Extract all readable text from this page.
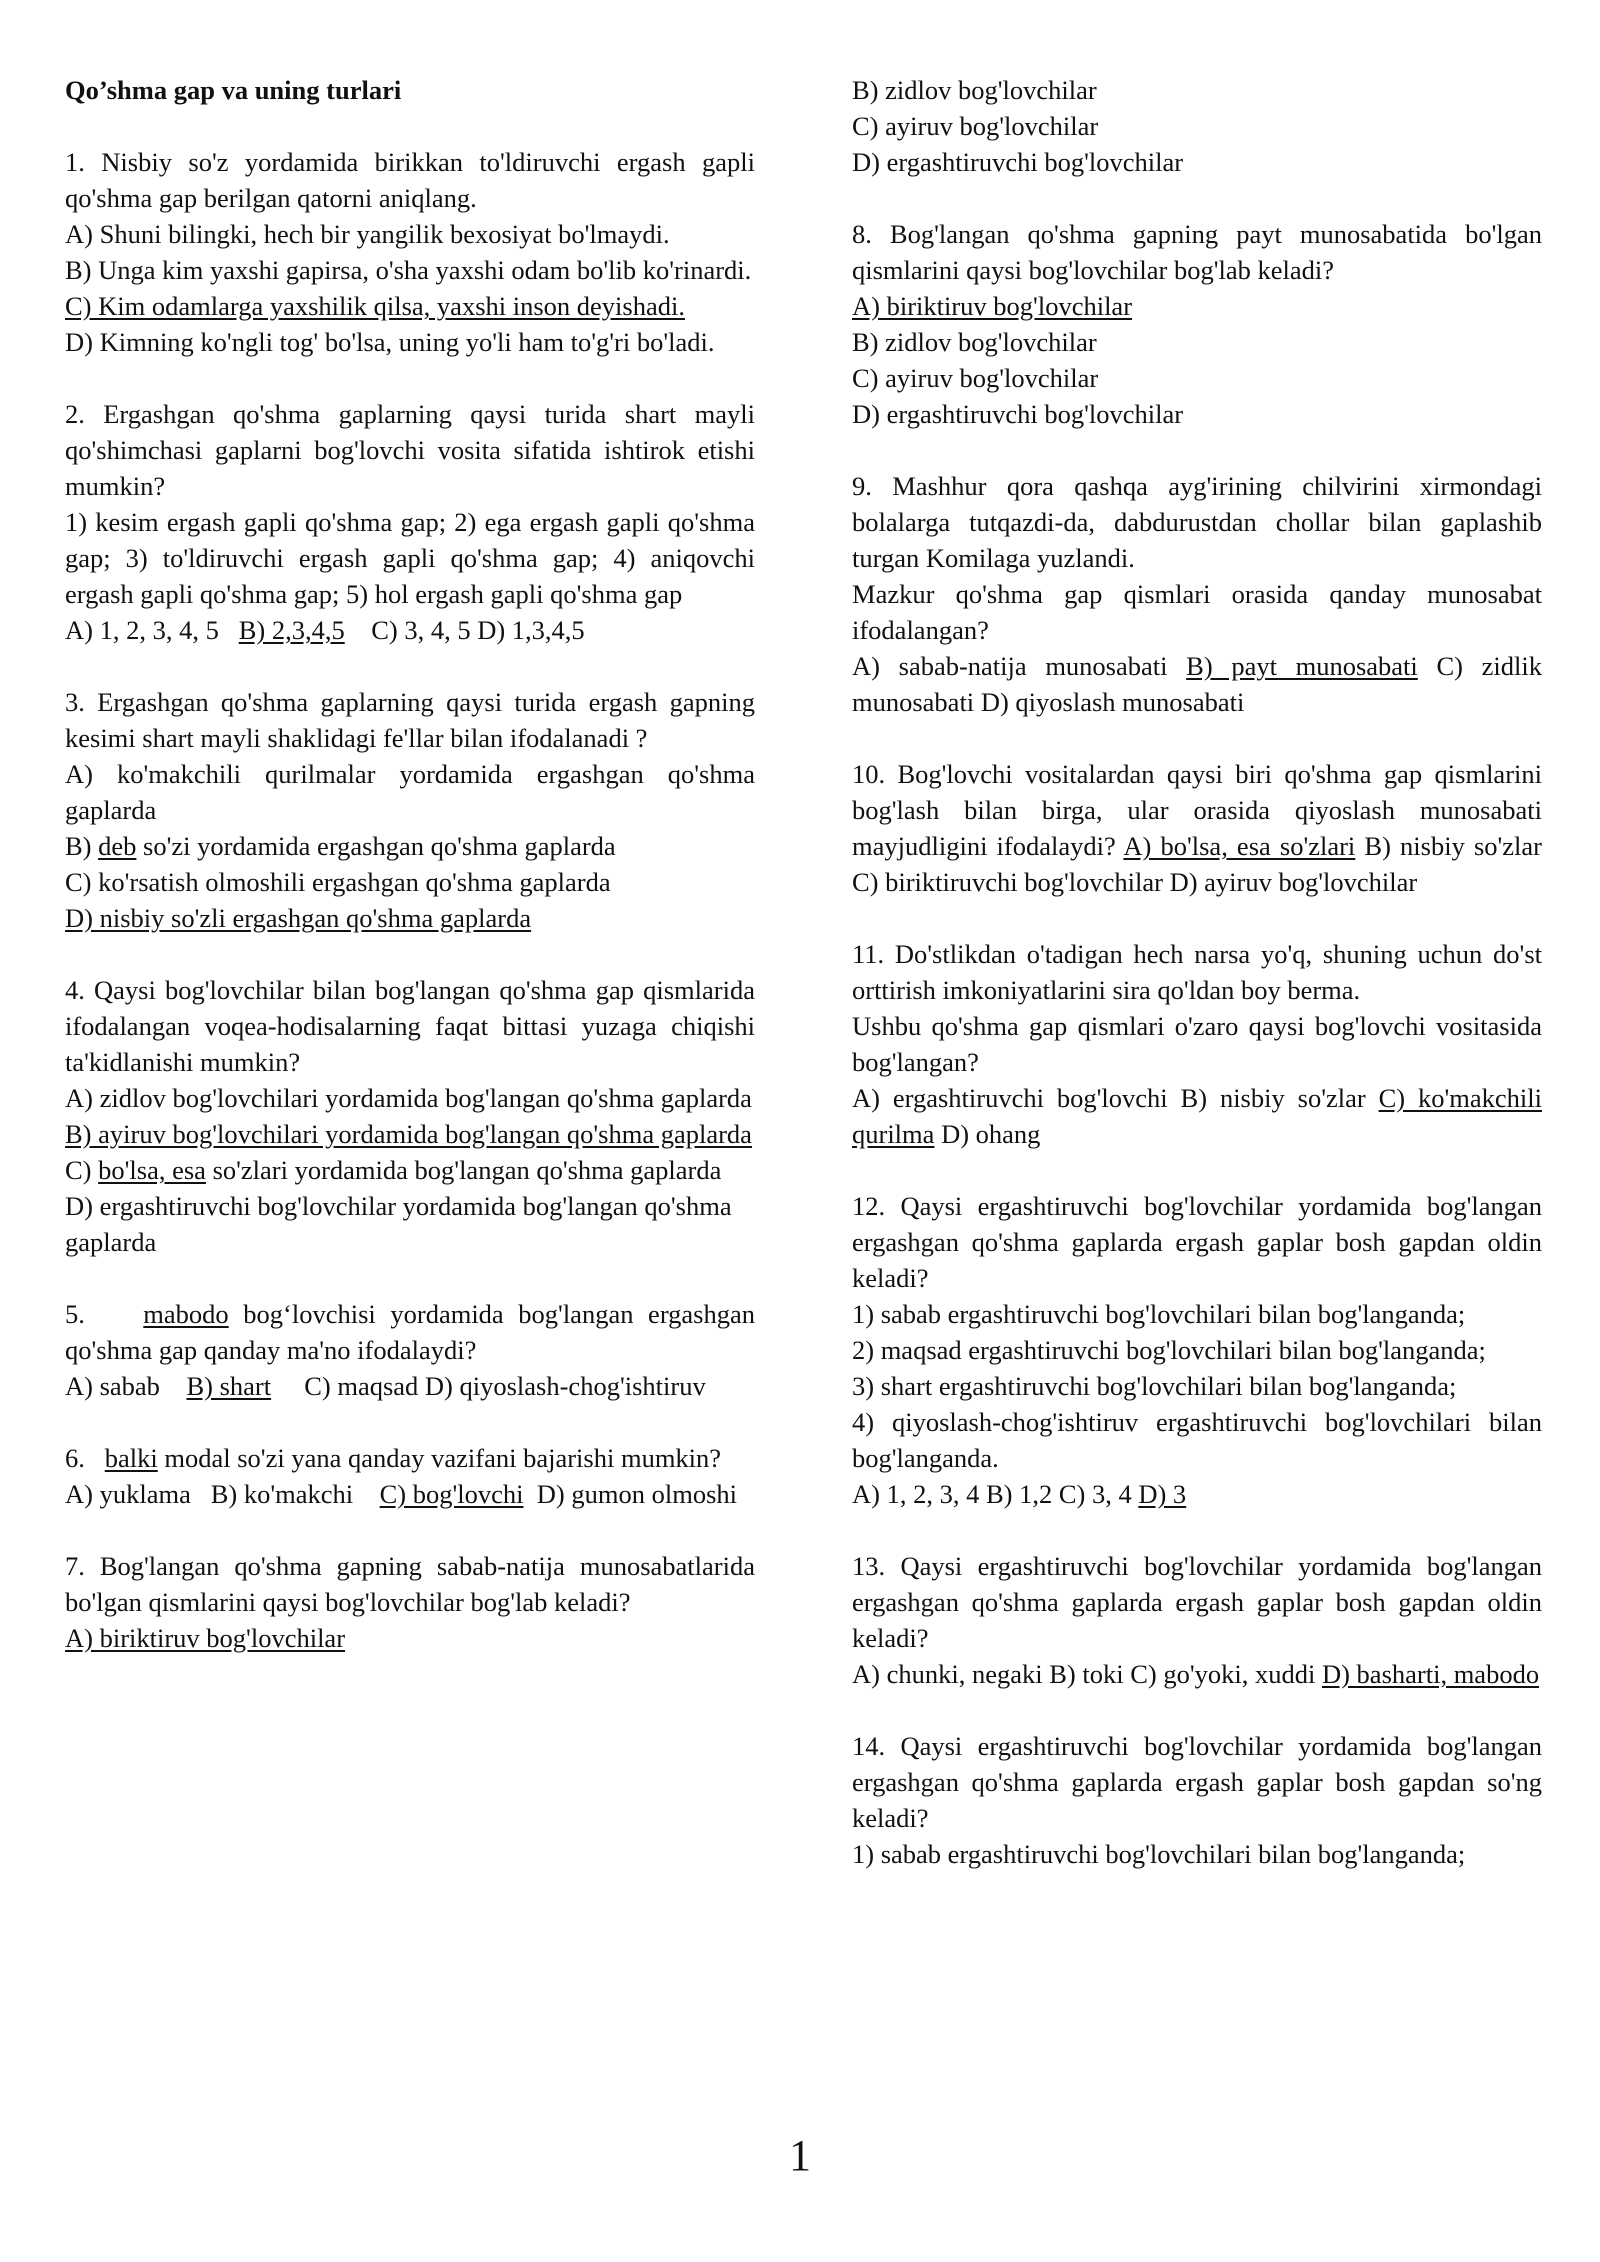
Qo’shma gap va uning turlari

1. Nisbiy so'z yordamida birikkan to'ldiruvchi ergash gapli qo'shma gap berilgan qatorni aniqlang.

A) Shuni bilingki, hech bir yangilik bexosiyat bo'lmaydi.

B) Unga kim yaxshi gapirsa, o'sha yaxshi odam bo'lib ko'rinardi.

C) Kim odamlarga yaxshilik qilsa, yaxshi inson deyishadi.

D) Kimning ko'ngli tog' bo'lsa, uning yo'li ham to'g'ri bo'ladi.

2. Ergashgan qo'shma gaplarning qaysi turida shart mayli qo'shimchasi gaplarni bog'lovchi vosita sifatida ishtirok etishi mumkin?

1) kesim ergash gapli qo'shma gap; 2) ega ergash gapli qo'shma gap; 3) to'ldiruvchi ergash gapli qo'shma gap; 4) aniqovchi ergash gapli qo'shma gap; 5) hol ergash gapli qo'shma gap

A) 1, 2, 3, 4, 5 B) 2,3,4,5 C) 3, 4, 5 D) 1,3,4,5

3. Ergashgan qo'shma gaplarning qaysi turida ergash gapning kesimi shart mayli shaklidagi fe'llar bilan ifodalanadi ?

A) ko'makchili qurilmalar yordamida ergashgan qo'shma gaplarda

B) deb so'zi yordamida ergashgan qo'shma gaplarda

C) ko'rsatish olmoshili ergashgan qo'shma gaplarda

D) nisbiy so'zli ergashgan qo'shma gaplarda

4. Qaysi bog'lovchilar bilan bog'langan qo'shma gap qismlarida ifodalangan voqea-hodisalarning faqat bittasi yuzaga chiqishi ta'kidlanishi mumkin?

A) zidlov bog'lovchilari yordamida bog'langan qo'shma gaplarda

B) ayiruv bog'lovchilari yordamida bog'langan qo'shma gaplarda

C) bo'lsa, esa so'zlari yordamida bog'langan qo'shma gaplarda

D) ergashtiruvchi bog'lovchilar yordamida bog'langan qo'shma gaplarda

5.    mabodo bog‘lovchisi yordamida bog'langan ergashgan qo'shma gap qanday ma'no ifodalaydi?

A) sabab B) shart C) maqsad D) qiyoslash-chog'ishtiruv

6.   balki modal so'zi yana qanday vazifani bajarishi mumkin?

A) yuklama B) ko'makchi C) bog'lovchi D) gumon olmoshi

7. Bog'langan qo'shma gapning sabab-natija munosabatlarida bo'lgan qismlarini qaysi bog'lovchilar bog'lab keladi?

A) biriktiruv bog'lovchilar

B) zidlov bog'lovchilar

C) ayiruv bog'lovchilar

D) ergashtiruvchi bog'lovchilar

8. Bog'langan qo'shma gapning payt munosabatida bo'lgan qismlarini qaysi bog'lovchilar bog'lab keladi?

A) biriktiruv bog'lovchilar

B) zidlov bog'lovchilar

C) ayiruv bog'lovchilar

D) ergashtiruvchi bog'lovchilar

9. Mashhur qora qashqa ayg'irining chilvirini xirmondagi bolalarga tutqazdi-da, dabdurustdan chollar bilan gaplashib turgan Komilaga yuzlandi.

Mazkur qo'shma gap qismlari orasida qanday munosabat ifodalangan?

A) sabab-natija munosabati B) payt munosabati C) zidlik munosabati D) qiyoslash munosabati

10. Bog'lovchi vositalardan qaysi biri qo'shma gap qismlarini bog'lash bilan birga, ular orasida qiyoslash munosabati mayjudligini ifodalaydi? A) bo'lsa, esa so'zlari B) nisbiy so'zlar C) biriktiruvchi bog'lovchilar D) ayiruv bog'lovchilar

11. Do'stlikdan o'tadigan hech narsa yo'q, shuning uchun do'st orttirish imkoniyatlarini sira qo'ldan boy berma.

Ushbu qo'shma gap qismlari o'zaro qaysi bog'lovchi vositasida bog'langan?

A) ergashtiruvchi bog'lovchi B) nisbiy so'zlar C) ko'makchili qurilma D) ohang

12. Qaysi ergashtiruvchi bog'lovchilar yordamida bog'langan ergashgan qo'shma gaplarda ergash gaplar bosh gapdan oldin keladi?

1) sabab ergashtiruvchi bog'lovchilari bilan bog'langanda;

2) maqsad ergashtiruvchi bog'lovchilari bilan bog'langanda;

3) shart ergashtiruvchi bog'lovchilari bilan bog'langanda;

4) qiyoslash-chog'ishtiruv ergashtiruvchi bog'lovchilari bilan bog'langanda.

A) 1, 2, 3, 4 B) 1,2 C) 3, 4 D) 3

13. Qaysi ergashtiruvchi bog'lovchilar yordamida bog'langan ergashgan qo'shma gaplarda ergash gaplar bosh gapdan oldin keladi?

A) chunki, negaki B) toki C) go'yoki, xuddi D) basharti, mabodo

14. Qaysi ergashtiruvchi bog'lovchilar yordamida bog'langan ergashgan qo'shma gaplarda ergash gaplar bosh gapdan so'ng keladi?

1) sabab ergashtiruvchi bog'lovchilari bilan bog'langanda;

1
